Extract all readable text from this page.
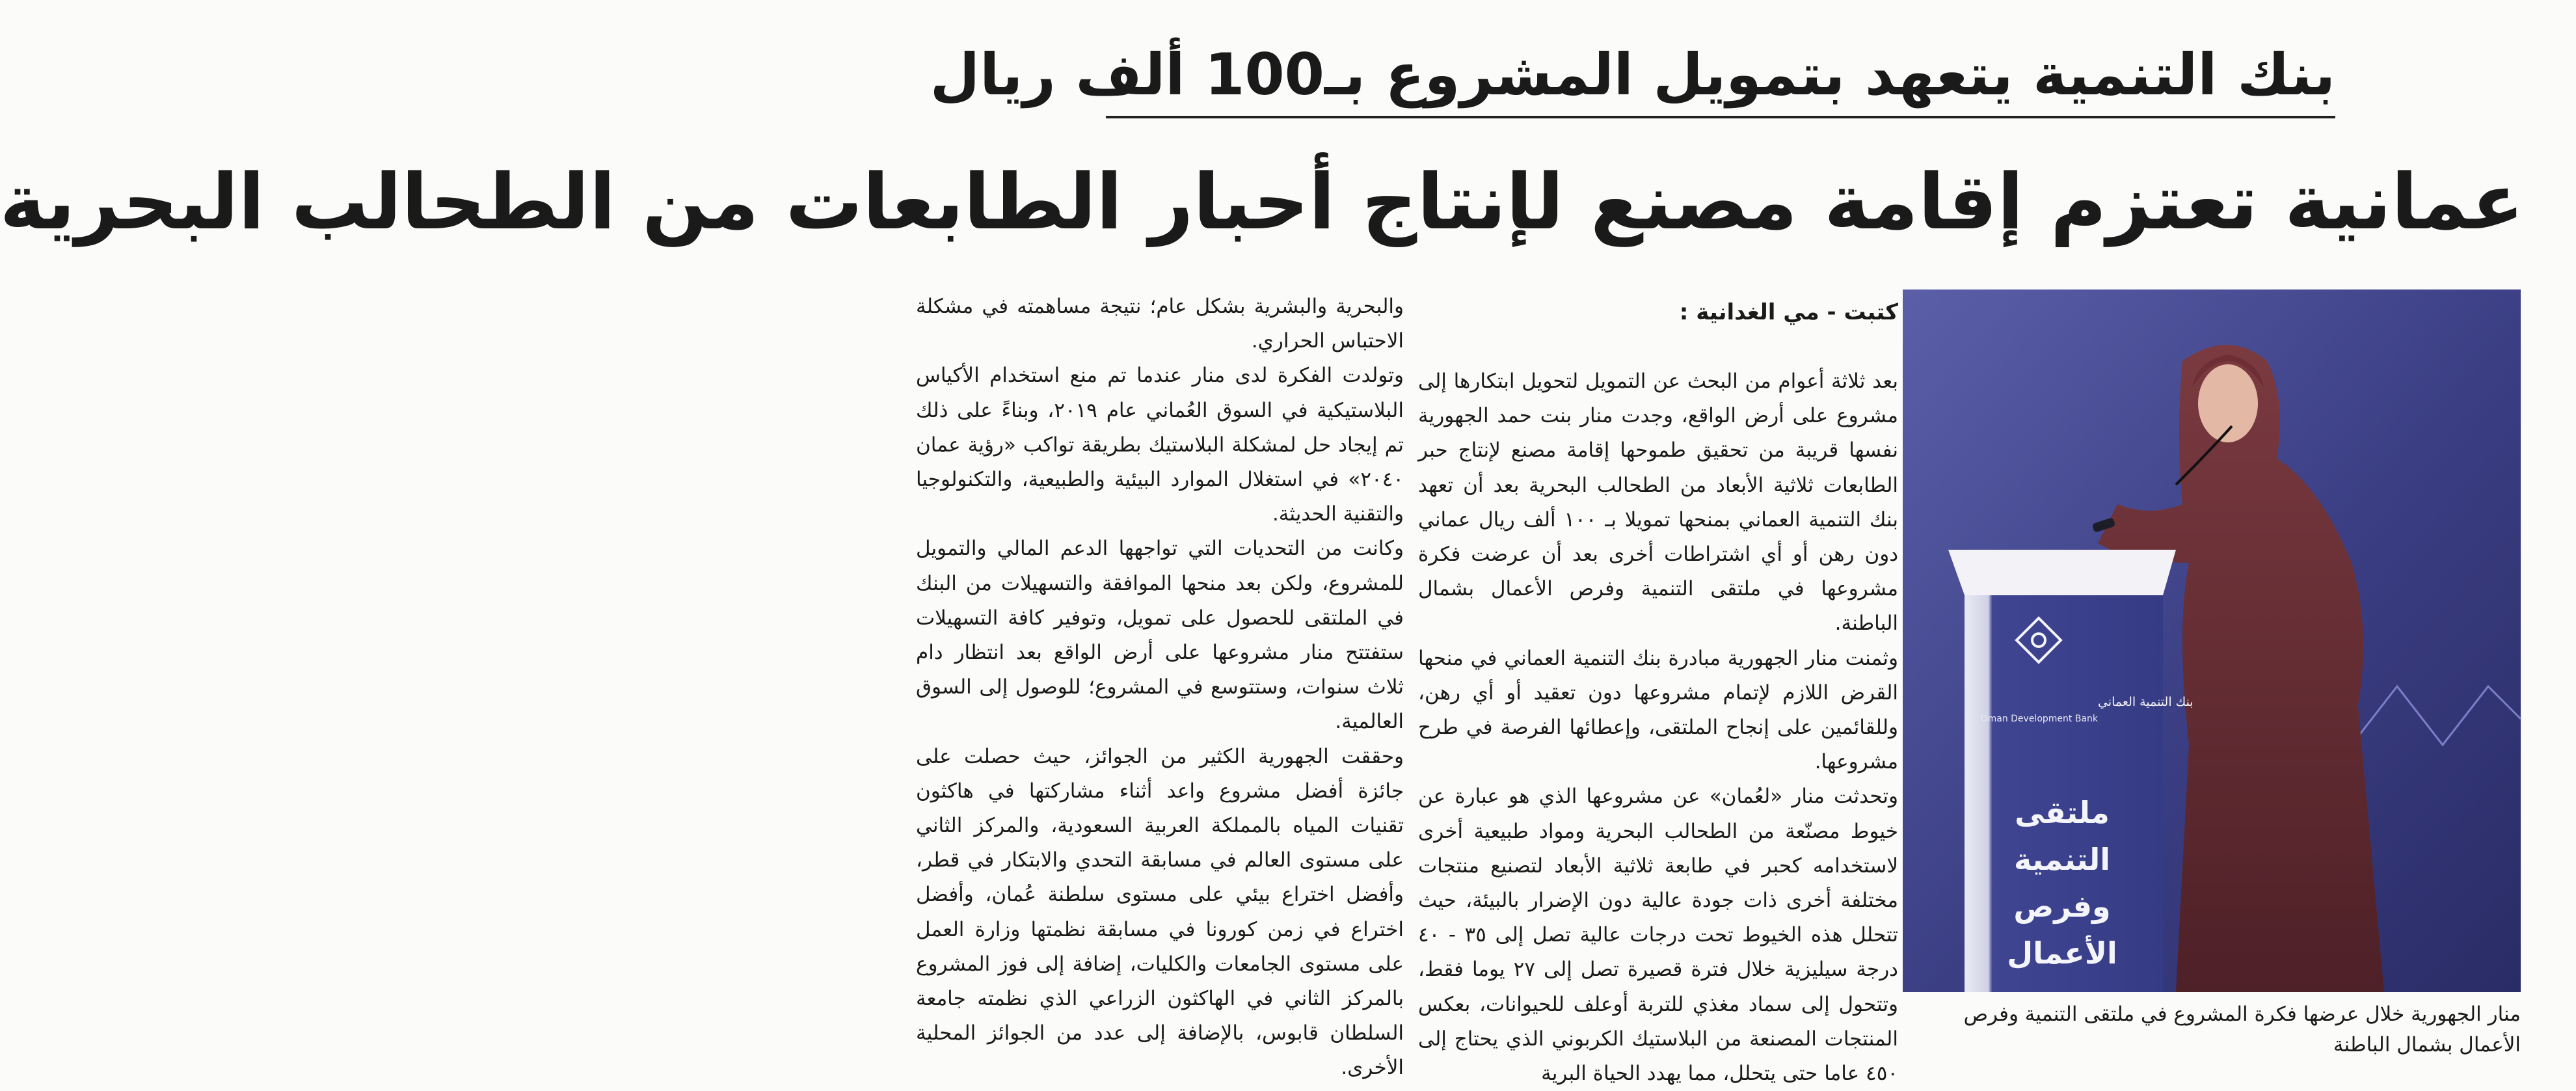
بنك التنمية يتعهد بتمويل المشروع بـ100 ألف ريال
عمانية تعتزم إقامة مصنع لإنتاج أحبار الطابعات من الطحالب البحرية
كتبت - مي الغدانية :

بعد ثلاثة أعوام من البحث عن التمويل لتحويل ابتكارها إلى مشروع على أرض الواقع، وجدت منار بنت حمد الجهورية نفسها قريبة من تحقيق طموحها إقامة مصنع لإنتاج حبر الطابعات ثلاثية الأبعاد من الطحالب البحرية بعد أن تعهد بنك التنمية العماني بمنحها تمويلا بـ ١٠٠ ألف ريال عماني دون رهن أو أي اشتراطات أخرى بعد أن عرضت فكرة مشروعها في ملتقى التنمية وفرص الأعمال بشمال الباطنة.

وثمنت منار الجهورية مبادرة بنك التنمية العماني في منحها القرض اللازم لإتمام مشروعها دون تعقيد أو أي رهن، وللقائمين على إنجاح الملتقى، وإعطائها الفرصة في طرح مشروعها.

وتحدثت منار «لعُمان» عن مشروعها الذي هو عبارة عن خيوط مصنّعة من الطحالب البحرية ومواد طبيعية أخرى لاستخدامه كحبر في طابعة ثلاثية الأبعاد لتصنيع منتجات مختلفة أخرى ذات جودة عالية دون الإضرار بالبيئة، حيث تتحلل هذه الخيوط تحت درجات عالية تصل إلى ٣٥ - ٤٠ درجة سيليزية خلال فترة قصيرة تصل إلى ٢٧ يوما فقط، وتتحول إلى سماد مغذي للتربة أوعلف للحيوانات، بعكس المنتجات المصنعة من البلاستيك الكربوني الذي يحتاج إلى ٤٥٠ عاما حتى يتحلل، مما يهدد الحياة البرية

والبحرية والبشرية بشكل عام؛ نتيجة مساهمته في مشكلة الاحتباس الحراري.

وتولدت الفكرة لدى منار عندما تم منع استخدام الأكياس البلاستيكية في السوق العُماني عام ٢٠١٩، وبناءً على ذلك تم إيجاد حل لمشكلة البلاستيك بطريقة تواكب «رؤية عمان ٢٠٤٠» في استغلال الموارد البيئية والطبيعية، والتكنولوجيا والتقنية الحديثة.

وكانت من التحديات التي تواجهها الدعم المالي والتمويل للمشروع، ولكن بعد منحها الموافقة والتسهيلات من البنك في الملتقى للحصول على تمويل، وتوفير كافة التسهيلات ستفتتح منار مشروعها على أرض الواقع بعد انتظار دام ثلاث سنوات، وستتوسع في المشروع؛ للوصول إلى السوق العالمية.

وحققت الجهورية الكثير من الجوائز، حيث حصلت على جائزة أفضل مشروع واعد أثناء مشاركتها في هاكثون تقنيات المياه بالمملكة العربية السعودية، والمركز الثاني على مستوى العالم في مسابقة التحدي والابتكار في قطر، وأفضل اختراع بيئي على مستوى سلطنة عُمان، وأفضل اختراع في زمن كورونا في مسابقة نظمتها وزارة العمل على مستوى الجامعات والكليات، إضافة إلى فوز المشروع بالمركز الثاني في الهاكثون الزراعي الذي نظمته جامعة السلطان قابوس، بالإضافة إلى عدد من الجوائز المحلية الأخرى.

بنك التنمية العماني
Oman Development Bank
ملتقى
التنمية
وفرص
الأعمال
منار الجهورية خلال عرضها فكرة المشروع في ملتقى التنمية وفرص الأعمال بشمال الباطنة
